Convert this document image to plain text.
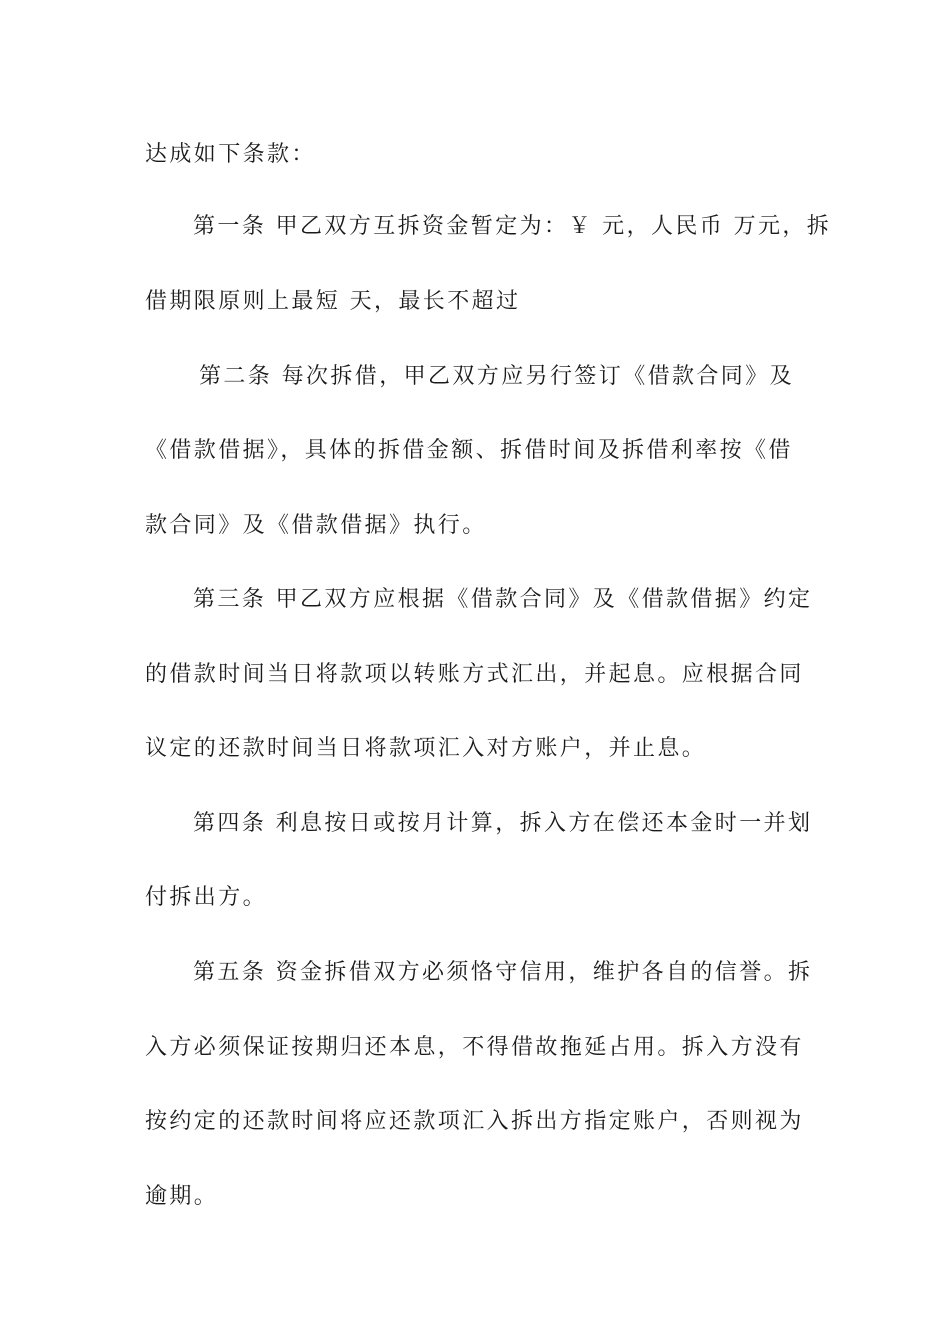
达成如下条款：
第一条 甲乙双方互拆资金暂定为：￥ 元，人民币 万元，拆
借期限原则上最短 天，最长不超过
第二条 每次拆借，甲乙双方应另行签订《借款合同》及
《借款借据》，具体的拆借金额、拆借时间及拆借利率按《借
款合同》及《借款借据》执行。
第三条 甲乙双方应根据《借款合同》及《借款借据》约定
的借款时间当日将款项以转账方式汇出，并起息。应根据合同
议定的还款时间当日将款项汇入对方账户，并止息。
第四条 利息按日或按月计算，拆入方在偿还本金时一并划
付拆出方。
第五条 资金拆借双方必须恪守信用，维护各自的信誉。拆
入方必须保证按期归还本息，不得借故拖延占用。拆入方没有
按约定的还款时间将应还款项汇入拆出方指定账户，否则视为
逾期。
